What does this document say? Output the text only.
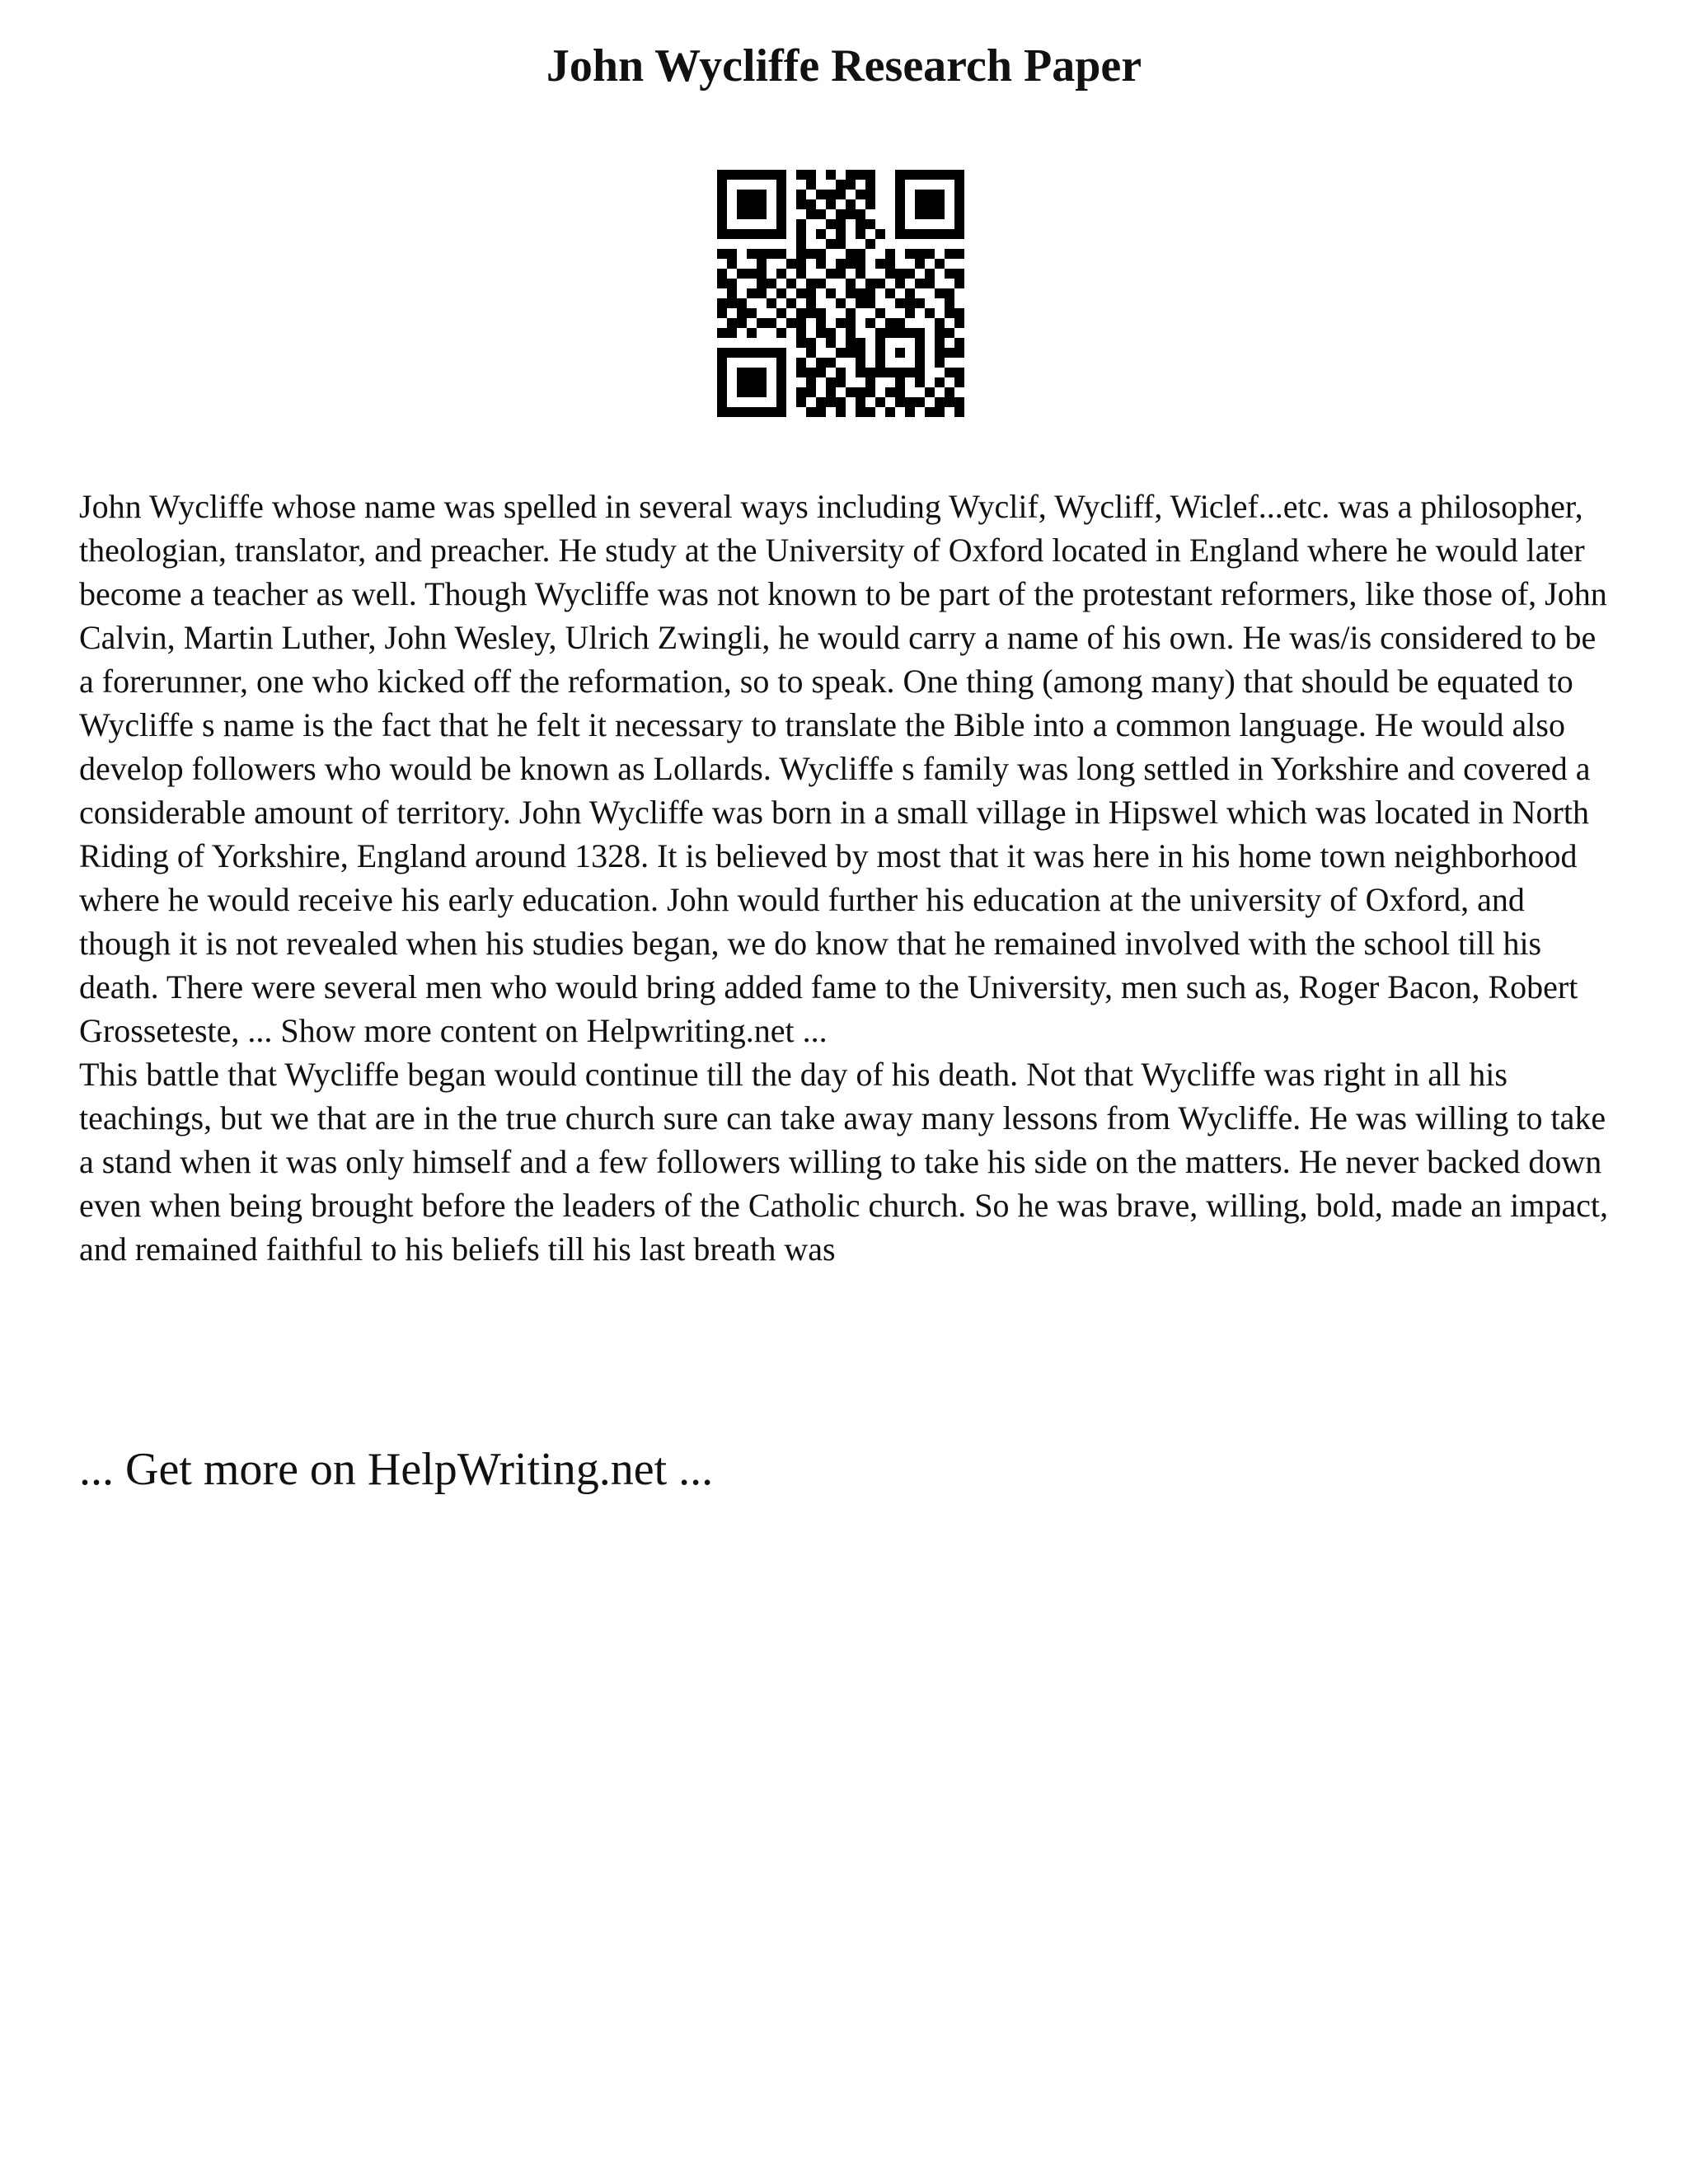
John Wycliffe Research Paper

John Wycliffe whose name was spelled in several ways including Wyclif, Wycliff, Wiclef...etc. was a philosopher, theologian, translator, and preacher. He study at the University of Oxford located in England where he would later become a teacher as well. Though Wycliffe was not known to be part of the protestant reformers, like those of, John Calvin, Martin Luther, John Wesley, Ulrich Zwingli, he would carry a name of his own. He was/is considered to be a forerunner, one who kicked off the reformation, so to speak. One thing (among many) that should be equated to Wycliffe s name is the fact that he felt it necessary to translate the Bible into a common language. He would also develop followers who would be known as Lollards. Wycliffe s family was long settled in Yorkshire and covered a considerable amount of territory. John Wycliffe was born in a small village in Hipswel which was located in North Riding of Yorkshire, England around 1328. It is believed by most that it was here in his home town neighborhood where he would receive his early education. John would further his education at the university of Oxford, and though it is not revealed when his studies began, we do know that he remained involved with the school till his death. There were several men who would bring added fame to the University, men such as, Roger Bacon, Robert Grosseteste, ... Show more content on Helpwriting.net ...

This battle that Wycliffe began would continue till the day of his death. Not that Wycliffe was right in all his teachings, but we that are in the true church sure can take away many lessons from Wycliffe. He was willing to take a stand when it was only himself and a few followers willing to take his side on the matters. He never backed down even when being brought before the leaders of the Catholic church. So he was brave, willing, bold, made an impact, and remained faithful to his beliefs till his last breath was

... Get more on HelpWriting.net ...
